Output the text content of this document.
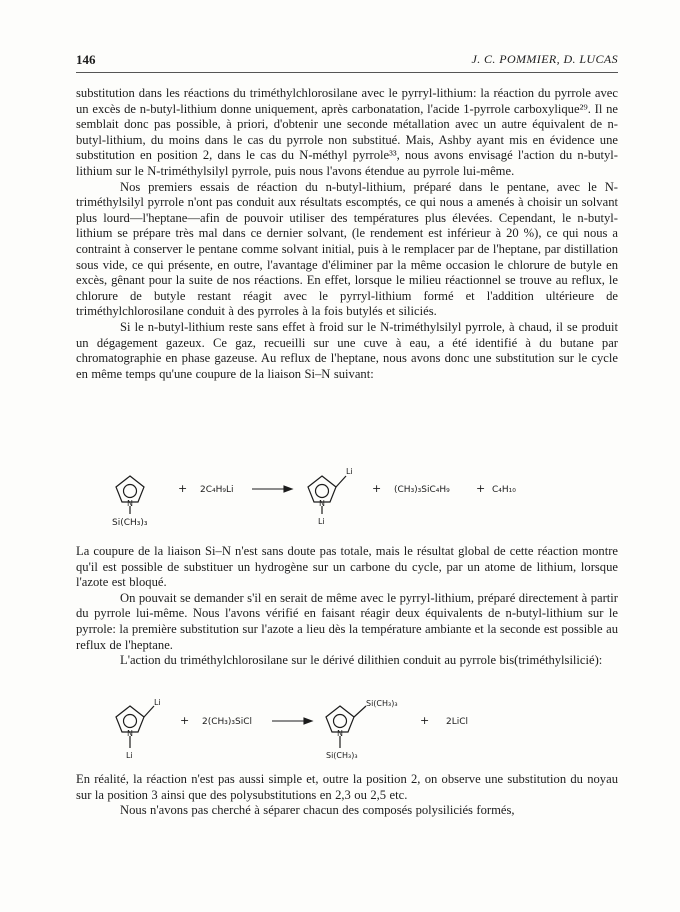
146	J. C. POMMIER, D. LUCAS

substitution dans les réactions du triméthylchlorosilane avec le pyrryl-lithium: la réaction du pyrrole avec un excès de n-butyl-lithium donne uniquement, après carbonatation, l'acide 1-pyrrole carboxylique²⁹. Il ne semblait donc pas possible, à priori, d'obtenir une seconde métallation avec un autre équivalent de n-butyl-lithium, du moins dans le cas du pyrrole non substitué. Mais, Ashby ayant mis en évidence une substitution en position 2, dans le cas du N-méthyl pyrrole³³, nous avons envisagé l'action du n-butyl-lithium sur le N-triméthylsilyl pyrrole, puis nous l'avons étendue au pyrrole lui-même.

Nos premiers essais de réaction du n-butyl-lithium, préparé dans le pentane, avec le N-triméthylsilyl pyrrole n'ont pas conduit aux résultats escomptés, ce qui nous a amenés à choisir un solvant plus lourd—l'heptane—afin de pouvoir utiliser des températures plus élevées. Cependant, le n-butyl-lithium se prépare très mal dans ce dernier solvant, (le rendement est inférieur à 20 %), ce qui nous a contraint à conserver le pentane comme solvant initial, puis à le remplacer par de l'heptane, par distillation sous vide, ce qui présente, en outre, l'avantage d'éliminer par la même occasion le chlorure de butyle en excès, gênant pour la suite de nos réactions. En effet, lorsque le milieu réactionnel se trouve au reflux, le chlorure de butyle restant réagit avec le pyrryl-lithium formé et l'addition ultérieure de triméthylchlorosilane conduit à des pyrroles à la fois butylés et siliciés.

Si le n-butyl-lithium reste sans effet à froid sur le N-triméthylsilyl pyrrole, à chaud, il se produit un dégagement gazeux. Ce gaz, recueilli sur une cuve à eau, a été identifié à du butane par chromatographie en phase gazeuse. Au reflux de l'heptane, nous avons donc une substitution sur le cycle en même temps qu'une coupure de la liaison Si–N suivant:

N
Si(CH₃)₃
+ 2C₄H₉Li
Li
N
Li
+ (CH₃)₃SiC₄H₉ + C₄H₁₀

La coupure de la liaison Si–N n'est sans doute pas totale, mais le résultat global de cette réaction montre qu'il est possible de substituer un hydrogène sur un carbone du cycle, par un atome de lithium, lorsque l'azote est bloqué.

On pouvait se demander s'il en serait de même avec le pyrryl-lithium, préparé directement à partir du pyrrole lui-même. Nous l'avons vérifié en faisant réagir deux équivalents de n-butyl-lithium sur le pyrrole: la première substitution sur l'azote a lieu dès la température ambiante et la seconde est possible au reflux de l'heptane.

L'action du triméthylchlorosilane sur le dérivé dilithien conduit au pyrrole bis(triméthylsilicié):

Li
N
Li
+ 2(CH₃)₃SiCl
Si(CH₃)₃
N
Si(CH₃)₃
+ 2LiCl

En réalité, la réaction n'est pas aussi simple et, outre la position 2, on observe une substitution du noyau sur la position 3 ainsi que des polysubstitutions en 2,3 ou 2,5 etc.

Nous n'avons pas cherché à séparer chacun des composés polysiliciés formés,
